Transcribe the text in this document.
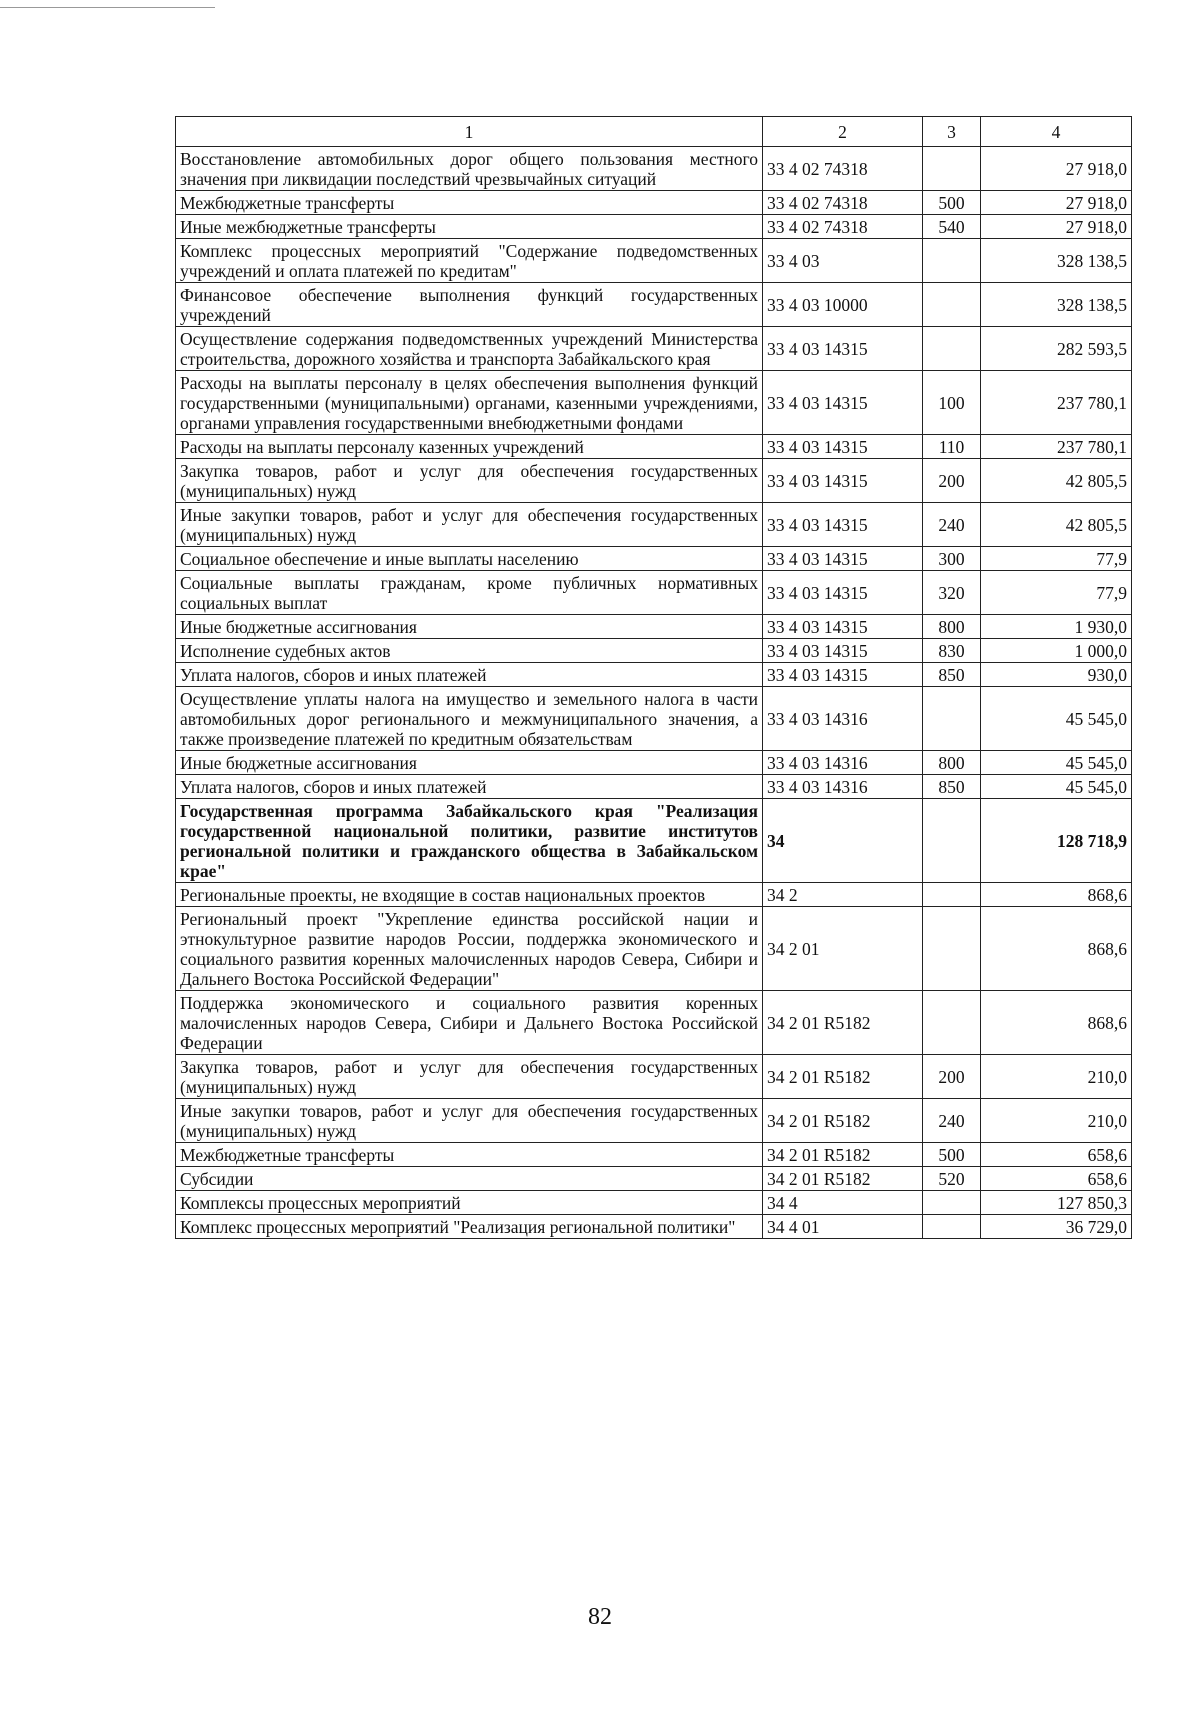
1	2	3	4
Восстановление автомобильных дорог общего пользования местного значения при ликвидации последствий чрезвычайных ситуаций	33 4 02 74318		27 918,0
Межбюджетные трансферты	33 4 02 74318	500	27 918,0
Иные межбюджетные трансферты	33 4 02 74318	540	27 918,0
Комплекс процессных мероприятий "Содержание подведомственных учреждений и оплата платежей по кредитам"	33 4 03		328 138,5
Финансовое обеспечение выполнения функций государственных учреждений	33 4 03 10000		328 138,5
Осуществление содержания подведомственных учреждений Министерства строительства, дорожного хозяйства и транспорта Забайкальского края	33 4 03 14315		282 593,5
Расходы на выплаты персоналу в целях обеспечения выполнения функций государственными (муниципальными) органами, казенными учреждениями, органами управления государственными внебюджетными фондами	33 4 03 14315	100	237 780,1
Расходы на выплаты персоналу казенных учреждений	33 4 03 14315	110	237 780,1
Закупка товаров, работ и услуг для обеспечения государственных (муниципальных) нужд	33 4 03 14315	200	42 805,5
Иные закупки товаров, работ и услуг для обеспечения государственных (муниципальных) нужд	33 4 03 14315	240	42 805,5
Социальное обеспечение и иные выплаты населению	33 4 03 14315	300	77,9
Социальные выплаты гражданам, кроме публичных нормативных социальных выплат	33 4 03 14315	320	77,9
Иные бюджетные ассигнования	33 4 03 14315	800	1 930,0
Исполнение судебных актов	33 4 03 14315	830	1 000,0
Уплата налогов, сборов и иных платежей	33 4 03 14315	850	930,0
Осуществление уплаты налога на имущество и земельного налога в части автомобильных дорог регионального и межмуниципального значения, а также произведение платежей по кредитным обязательствам	33 4 03 14316		45 545,0
Иные бюджетные ассигнования	33 4 03 14316	800	45 545,0
Уплата налогов, сборов и иных платежей	33 4 03 14316	850	45 545,0
Государственная программа Забайкальского края "Реализация государственной национальной политики, развитие институтов региональной политики и гражданского общества в Забайкальском крае"	34		128 718,9
Региональные проекты, не входящие в состав национальных проектов	34 2		868,6
Региональный проект "Укрепление единства российской нации и этнокультурное развитие народов России, поддержка экономического и социального развития коренных малочисленных народов Севера, Сибири и Дальнего Востока Российской Федерации"	34 2 01		868,6
Поддержка экономического и социального развития коренных малочисленных народов Севера, Сибири и Дальнего Востока Российской Федерации	34 2 01 R5182		868,6
Закупка товаров, работ и услуг для обеспечения государственных (муниципальных) нужд	34 2 01 R5182	200	210,0
Иные закупки товаров, работ и услуг для обеспечения государственных (муниципальных) нужд	34 2 01 R5182	240	210,0
Межбюджетные трансферты	34 2 01 R5182	500	658,6
Субсидии	34 2 01 R5182	520	658,6
Комплексы процессных мероприятий	34 4		127 850,3
Комплекс процессных мероприятий "Реализация региональной политики"	34 4 01		36 729,0
82
